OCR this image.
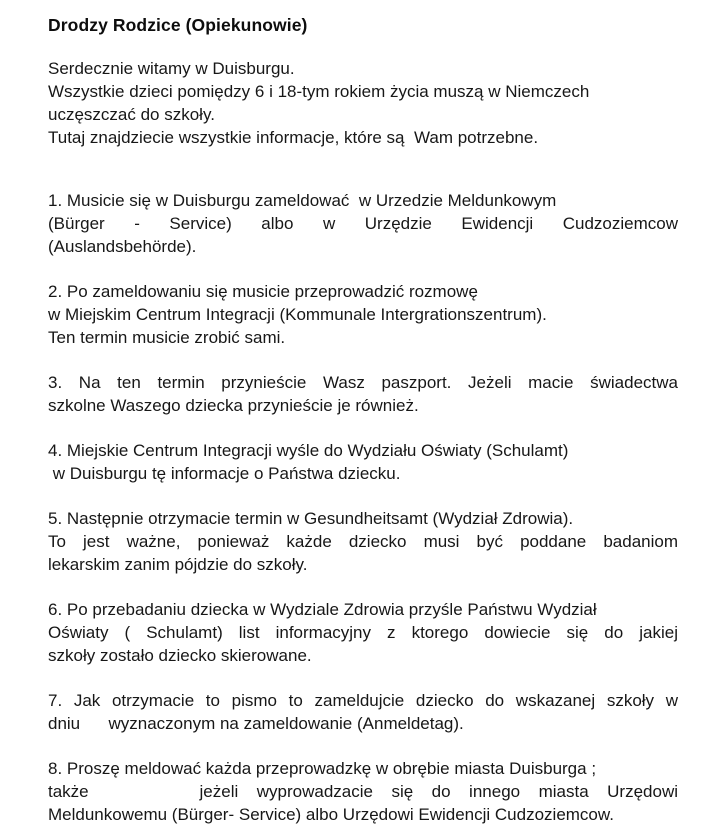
Drodzy Rodzice (Opiekunowie)
Serdecznie witamy w Duisburgu.
Wszystkie dzieci pomiędzy 6 i 18-tym rokiem życia muszą w Niemczech
uczęszczać do szkoły.
Tutaj znajdziecie wszystkie informacje, które są  Wam potrzebne.
1. Musicie się w Duisburgu zameldować  w Urzedzie Meldunkowym
(Bürger - Service) albo w Urzędzie Ewidencji Cudzoziemcow
(Auslandsbehörde).
2. Po zameldowaniu się musicie przeprowadzić rozmowę
w Miejskim Centrum Integracji (Kommunale Intergrationszentrum).
Ten termin musicie zrobić sami.
3. Na ten termin przynieście Wasz paszport. Jeżeli macie świadectwa
szkolne Waszego dziecka przynieście je również.
4. Miejskie Centrum Integracji wyśle do Wydziału Oświaty (Schulamt)
w Duisburgu tę informacje o Państwa dziecku.
5. Następnie otrzymacie termin w Gesundheitsamt (Wydział Zdrowia).
To jest ważne, ponieważ każde dziecko musi być poddane badaniom
lekarskim zanim pójdzie do szkoły.
6. Po przebadaniu dziecka w Wydziale Zdrowia przyśle Państwu Wydział
Oświaty ( Schulamt) list informacyjny z ktorego dowiecie się do jakiej
szkoły zostało dziecko skierowane.
7. Jak otrzymacie to pismo to zameldujcie dziecko do wskazanej szkoły w
dniu      wyznaczonym na zameldowanie (Anmeldetag).
8. Proszę meldować każda przeprowadzkę w obrębie miasta Duisburga ;
także      jeżeli wyprowadzacie się do innego miasta Urzędowi
Meldunkowemu (Bürger- Service) albo Urzędowi Ewidencji Cudzoziemcow.
